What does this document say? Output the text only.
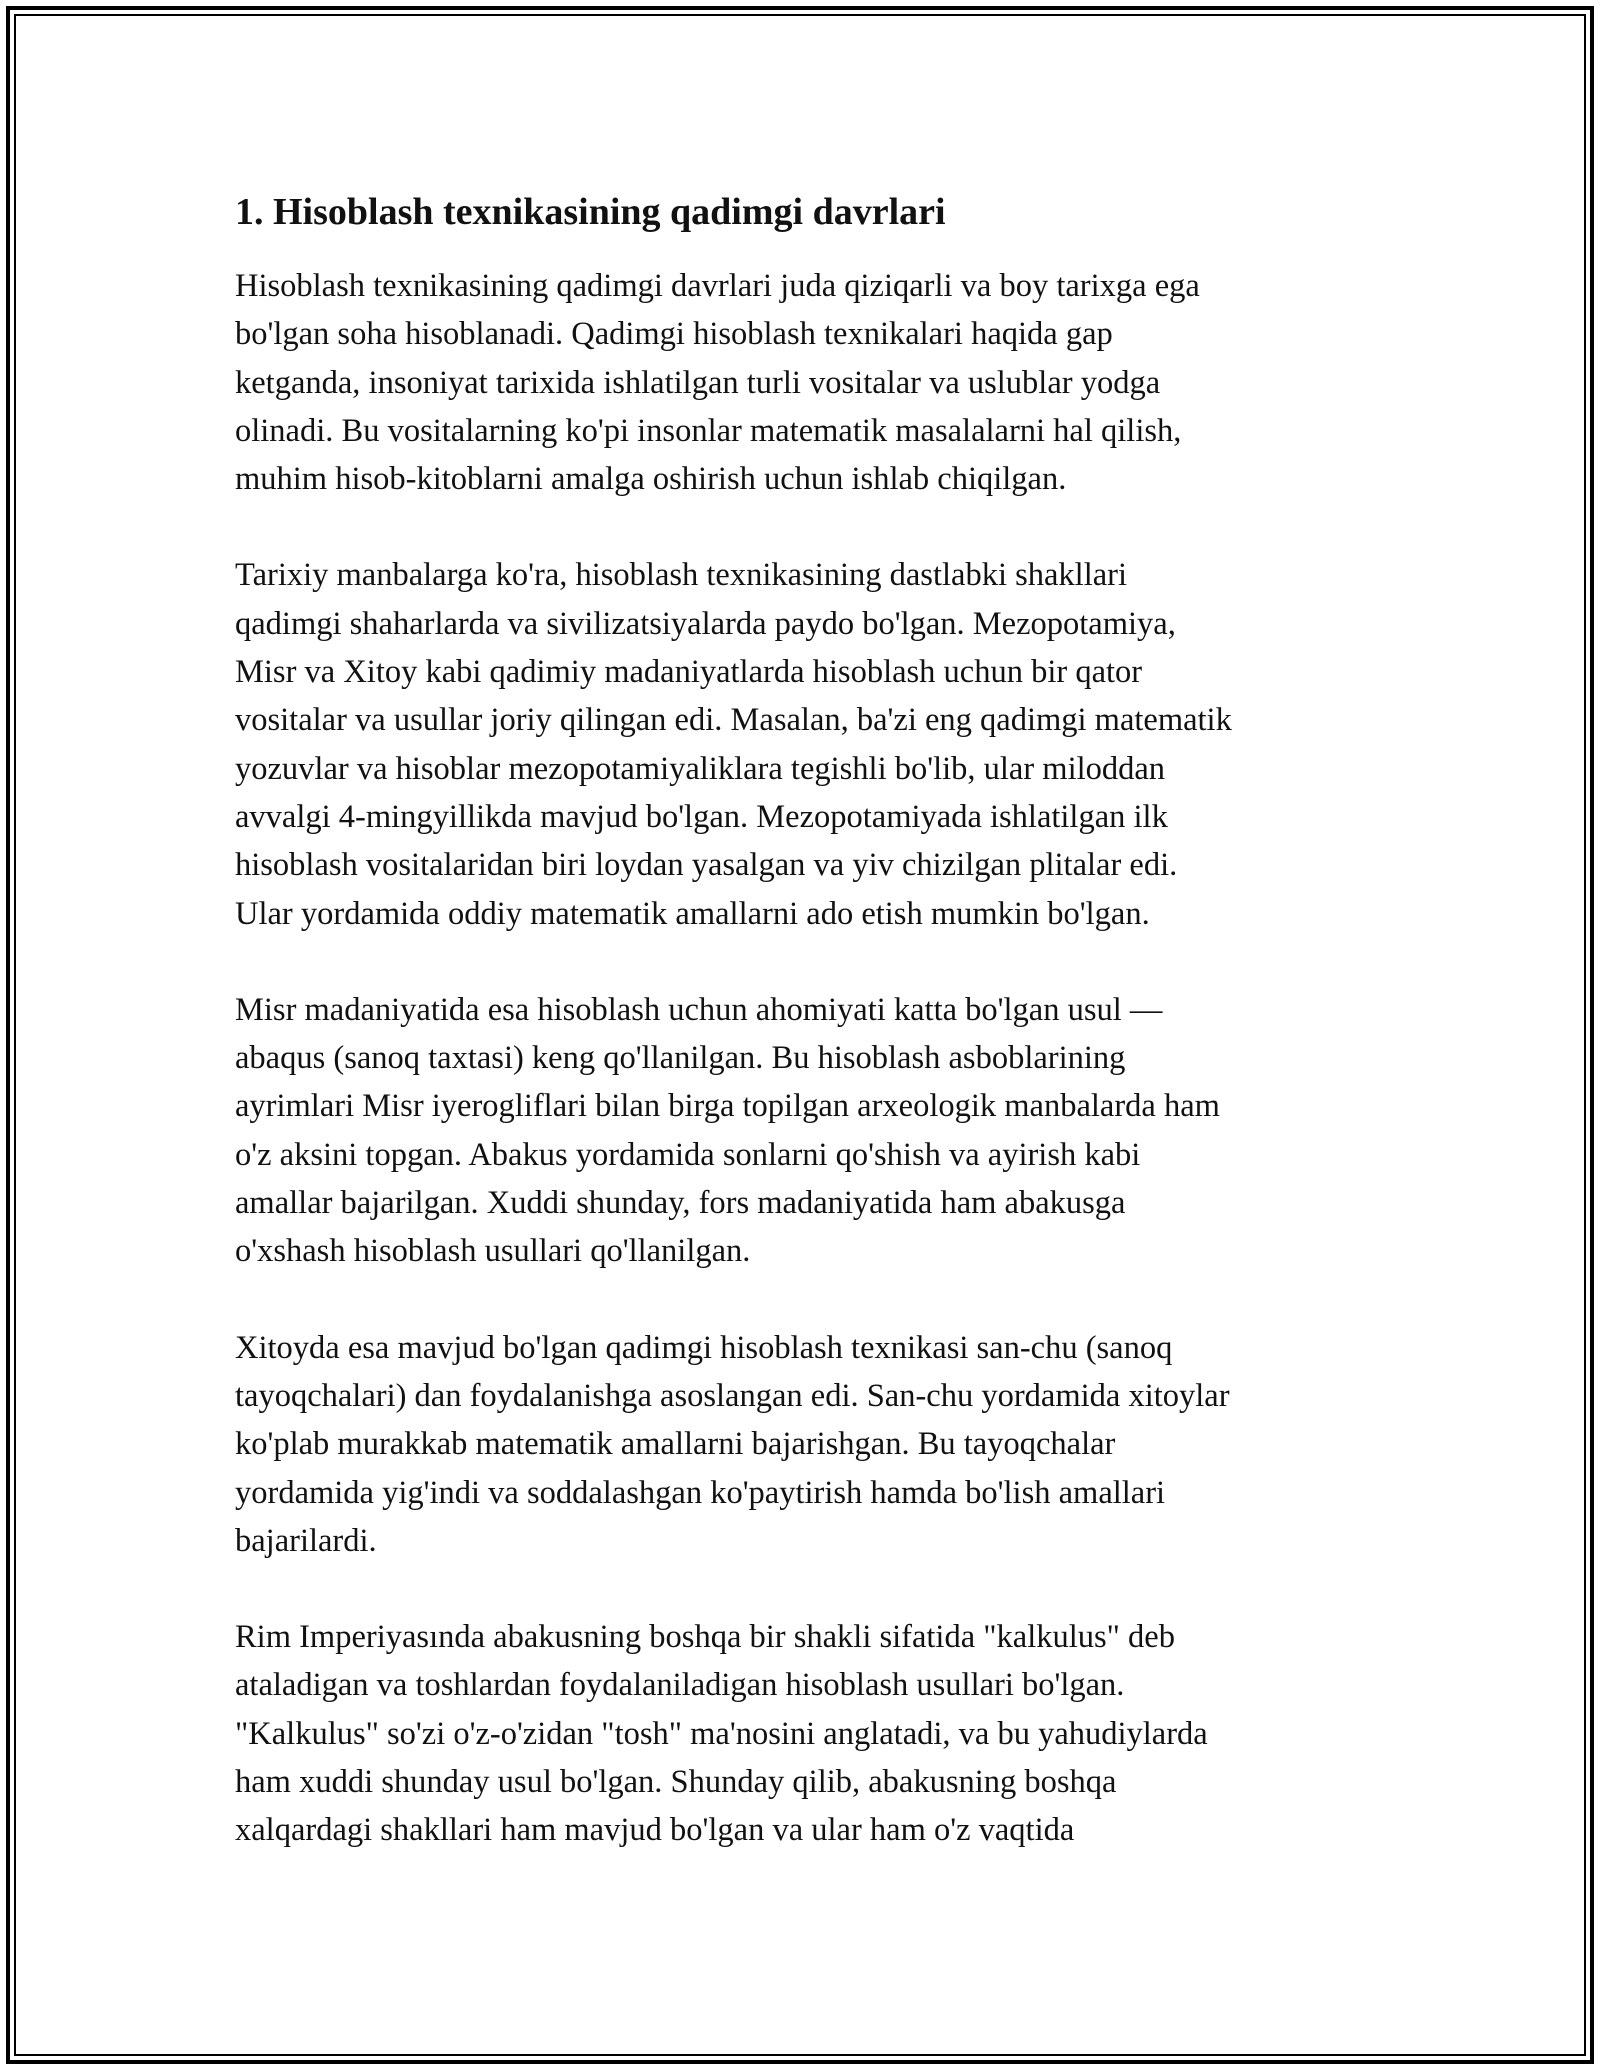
1. Hisoblash texnikasining qadimgi davrlari

Hisoblash texnikasining qadimgi davrlari juda qiziqarli va boy tarixga ega
bo'lgan soha hisoblanadi. Qadimgi hisoblash texnikalari haqida gap
ketganda, insoniyat tarixida ishlatilgan turli vositalar va uslublar yodga
olinadi. Bu vositalarning ko'pi insonlar matematik masalalarni hal qilish,
muhim hisob-kitoblarni amalga oshirish uchun ishlab chiqilgan.

Tarixiy manbalarga ko'ra, hisoblash texnikasining dastlabki shakllari
qadimgi shaharlarda va sivilizatsiyalarda paydo bo'lgan. Mezopotamiya,
Misr va Xitoy kabi qadimiy madaniyatlarda hisoblash uchun bir qator
vositalar va usullar joriy qilingan edi. Masalan, ba'zi eng qadimgi matematik
yozuvlar va hisoblar mezopotamiyaliklara tegishli bo'lib, ular miloddan
avvalgi 4-mingyillikda mavjud bo'lgan. Mezopotamiyada ishlatilgan ilk
hisoblash vositalaridan biri loydan yasalgan va yiv chizilgan plitalar edi.
Ular yordamida oddiy matematik amallarni ado etish mumkin bo'lgan.

Misr madaniyatida esa hisoblash uchun ahomiyati katta bo'lgan usul —
abaqus (sanoq taxtasi) keng qo'llanilgan. Bu hisoblash asboblarining
ayrimlari Misr iyerogliflari bilan birga topilgan arxeologik manbalarda ham
o'z aksini topgan. Abakus yordamida sonlarni qo'shish va ayirish kabi
amallar bajarilgan. Xuddi shunday, fors madaniyatida ham abakusga
o'xshash hisoblash usullari qo'llanilgan.

Xitoyda esa mavjud bo'lgan qadimgi hisoblash texnikasi san-chu (sanoq
tayoqchalari) dan foydalanishga asoslangan edi. San-chu yordamida xitoylar
ko'plab murakkab matematik amallarni bajarishgan. Bu tayoqchalar
yordamida yig'indi va soddalashgan ko'paytirish hamda bo'lish amallari
bajarilardi.

Rim Imperiyasında abakusning boshqa bir shakli sifatida "kalkulus" deb
ataladigan va toshlardan foydalaniladigan hisoblash usullari bo'lgan.
"Kalkulus" so'zi o'z-o'zidan "tosh" ma'nosini anglatadi, va bu yahudiylarda
ham xuddi shunday usul bo'lgan. Shunday qilib, abakusning boshqa
xalqardagi shakllari ham mavjud bo'lgan va ular ham o'z vaqtida
